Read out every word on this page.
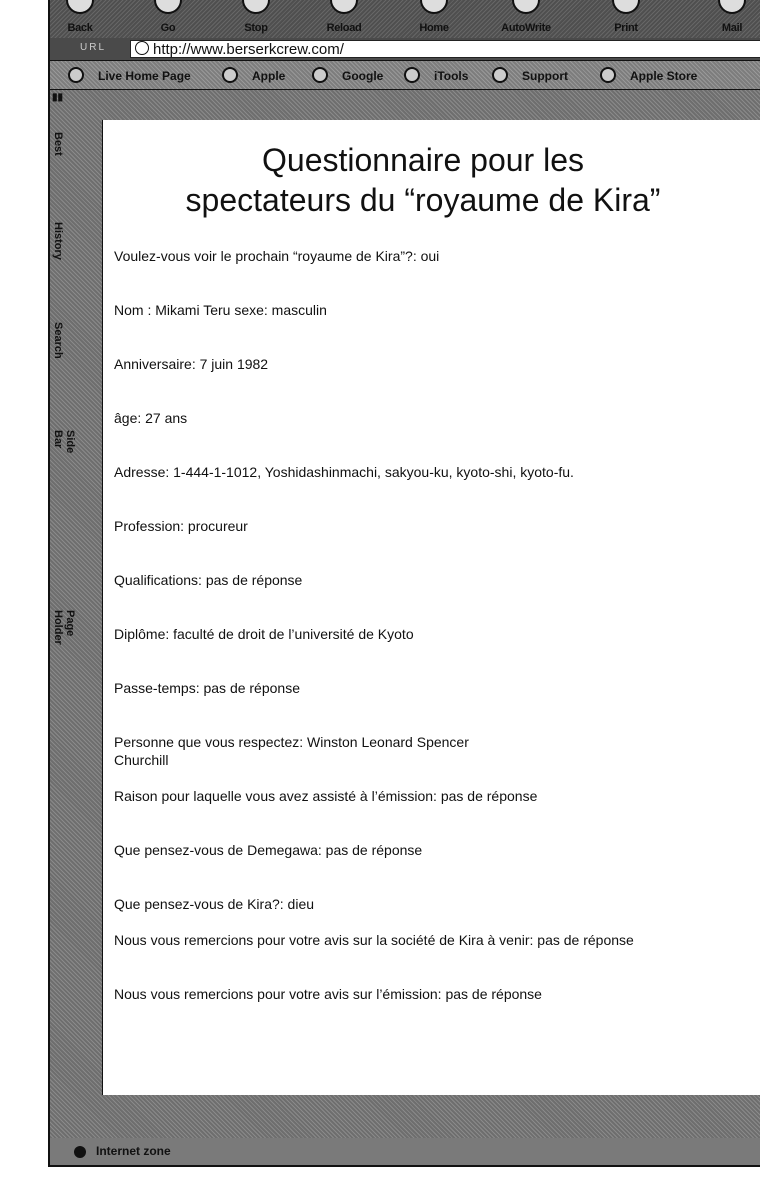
Back	Go	Stop	Reload	Home	AutoWrite	Print	Mail
URL	http://www.berserkcrew.com/
Live Home Page	Apple	Google	iTools	Support	Apple Store
▮▮
Best
History
Search
Side Bar
Page Holder
Questionnaire pour les
spectateurs du “royaume de Kira”
Voulez-vous voir le prochain “royaume de Kira”?: oui
Nom : Mikami Teru sexe: masculin
Anniversaire: 7 juin 1982
âge: 27 ans
Adresse: 1-444-1-1012, Yoshidashinmachi, sakyou-ku, kyoto-shi, kyoto-fu.
Profession: procureur
Qualifications: pas de réponse
Diplôme: faculté de droit de l’université de Kyoto
Passe-temps: pas de réponse
Personne que vous respectez: Winston Leonard Spencer Churchill
Raison pour laquelle vous avez assisté à l’émission: pas de réponse
Que pensez-vous de Demegawa: pas de réponse
Que pensez-vous de Kira?: dieu
Nous vous remercions pour votre avis sur la société de Kira à venir: pas de réponse
Nous vous remercions pour votre avis sur l’émission: pas de réponse
Internet zone
